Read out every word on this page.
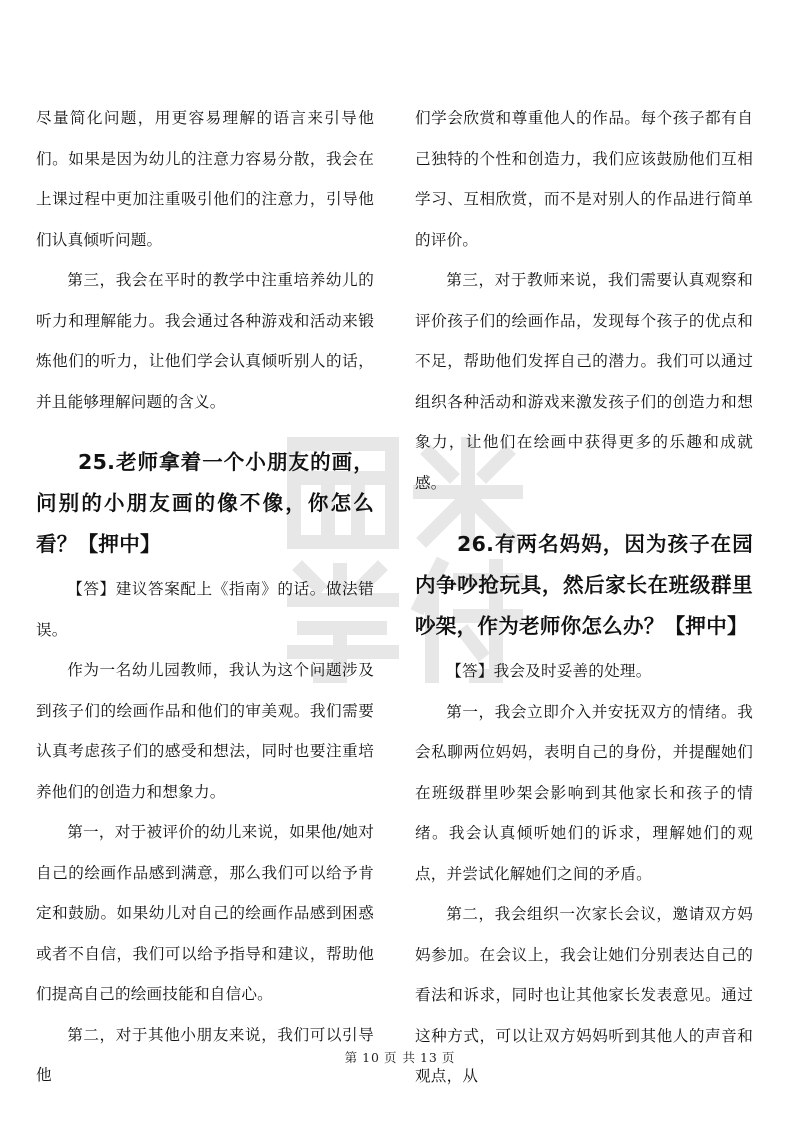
尽量简化问题，用更容易理解的语言来引导他们。如果是因为幼儿的注意力容易分散，我会在上课过程中更加注重吸引他们的注意力，引导他们认真倾听问题。

第三，我会在平时的教学中注重培养幼儿的听力和理解能力。我会通过各种游戏和活动来锻炼他们的听力，让他们学会认真倾听别人的话，并且能够理解问题的含义。

25.老师拿着一个小朋友的画，问别的小朋友画的像不像，你怎么看？【押中】

【答】建议答案配上《指南》的话。做法错误。

作为一名幼儿园教师，我认为这个问题涉及到孩子们的绘画作品和他们的审美观。我们需要认真考虑孩子们的感受和想法，同时也要注重培养他们的创造力和想象力。

第一，对于被评价的幼儿来说，如果他/她对自己的绘画作品感到满意，那么我们可以给予肯定和鼓励。如果幼儿对自己的绘画作品感到困惑或者不自信，我们可以给予指导和建议，帮助他们提高自己的绘画技能和自信心。

第二，对于其他小朋友来说，我们可以引导他

们学会欣赏和尊重他人的作品。每个孩子都有自己独特的个性和创造力，我们应该鼓励他们互相学习、互相欣赏，而不是对别人的作品进行简单的评价。

第三，对于教师来说，我们需要认真观察和评价孩子们的绘画作品，发现每个孩子的优点和不足，帮助他们发挥自己的潜力。我们可以通过组织各种活动和游戏来激发孩子们的创造力和想象力，让他们在绘画中获得更多的乐趣和成就感。

26.有两名妈妈，因为孩子在园内争吵抢玩具，然后家长在班级群里吵架，作为老师你怎么办？【押中】

【答】我会及时妥善的处理。

第一，我会立即介入并安抚双方的情绪。我会私聊两位妈妈，表明自己的身份，并提醒她们在班级群里吵架会影响到其他家长和孩子的情绪。我会认真倾听她们的诉求，理解她们的观点，并尝试化解她们之间的矛盾。

第二，我会组织一次家长会议，邀请双方妈妈参加。在会议上，我会让她们分别表达自己的看法和诉求，同时也让其他家长发表意见。通过这种方式，可以让双方妈妈听到其他人的声音和观点，从

第 10 页 共 13 页
